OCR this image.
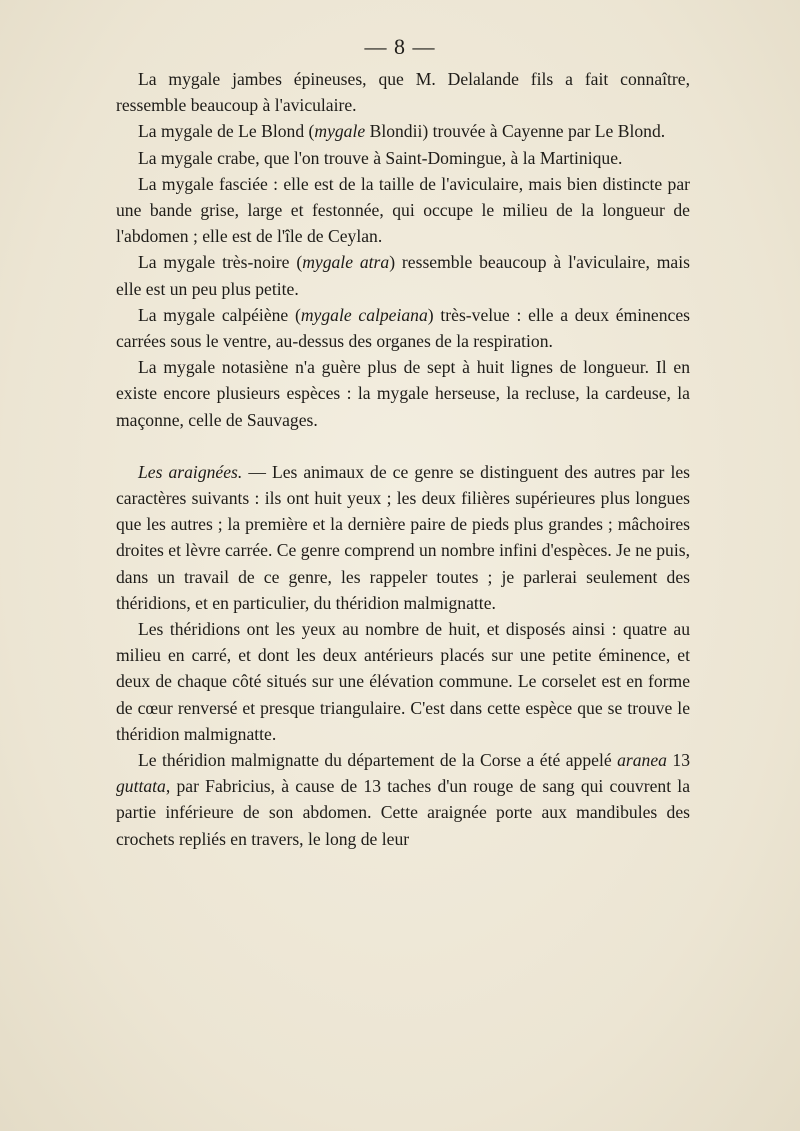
— 8 —

La mygale jambes épineuses, que M. Delalande fils a fait connaître, ressemble beaucoup à l'aviculaire.

La mygale de Le Blond (mygale Blondii) trouvée à Cayenne par Le Blond.

La mygale crabe, que l'on trouve à Saint-Domingue, à la Martinique.

La mygale fasciée : elle est de la taille de l'aviculaire, mais bien distincte par une bande grise, large et festonnée, qui occupe le milieu de la longueur de l'abdomen ; elle est de l'île de Ceylan.

La mygale très-noire (mygale atra) ressemble beaucoup à l'aviculaire, mais elle est un peu plus petite.

La mygale calpéiène (mygale calpeiana) très-velue : elle a deux éminences carrées sous le ventre, au-dessus des organes de la respiration.

La mygale notasiène n'a guère plus de sept à huit lignes de longueur. Il en existe encore plusieurs espèces : la mygale herseuse, la recluse, la cardeuse, la maçonne, celle de Sauvages.

Les araignées. — Les animaux de ce genre se distinguent des autres par les caractères suivants : ils ont huit yeux ; les deux filières supérieures plus longues que les autres ; la première et la dernière paire de pieds plus grandes ; mâchoires droites et lèvre carrée. Ce genre comprend un nombre infini d'espèces. Je ne puis, dans un travail de ce genre, les rappeler toutes ; je parlerai seulement des théridions, et en particulier, du théridion malmignatte.

Les théridions ont les yeux au nombre de huit, et disposés ainsi : quatre au milieu en carré, et dont les deux antérieurs placés sur une petite éminence, et deux de chaque côté situés sur une élévation commune. Le corselet est en forme de cœur renversé et presque triangulaire. C'est dans cette espèce que se trouve le théridion malmignatte.

Le théridion malmignatte du département de la Corse a été appelé aranea 13 guttata, par Fabricius, à cause de 13 taches d'un rouge de sang qui couvrent la partie inférieure de son abdomen. Cette araignée porte aux mandibules des crochets repliés en travers, le long de leur
